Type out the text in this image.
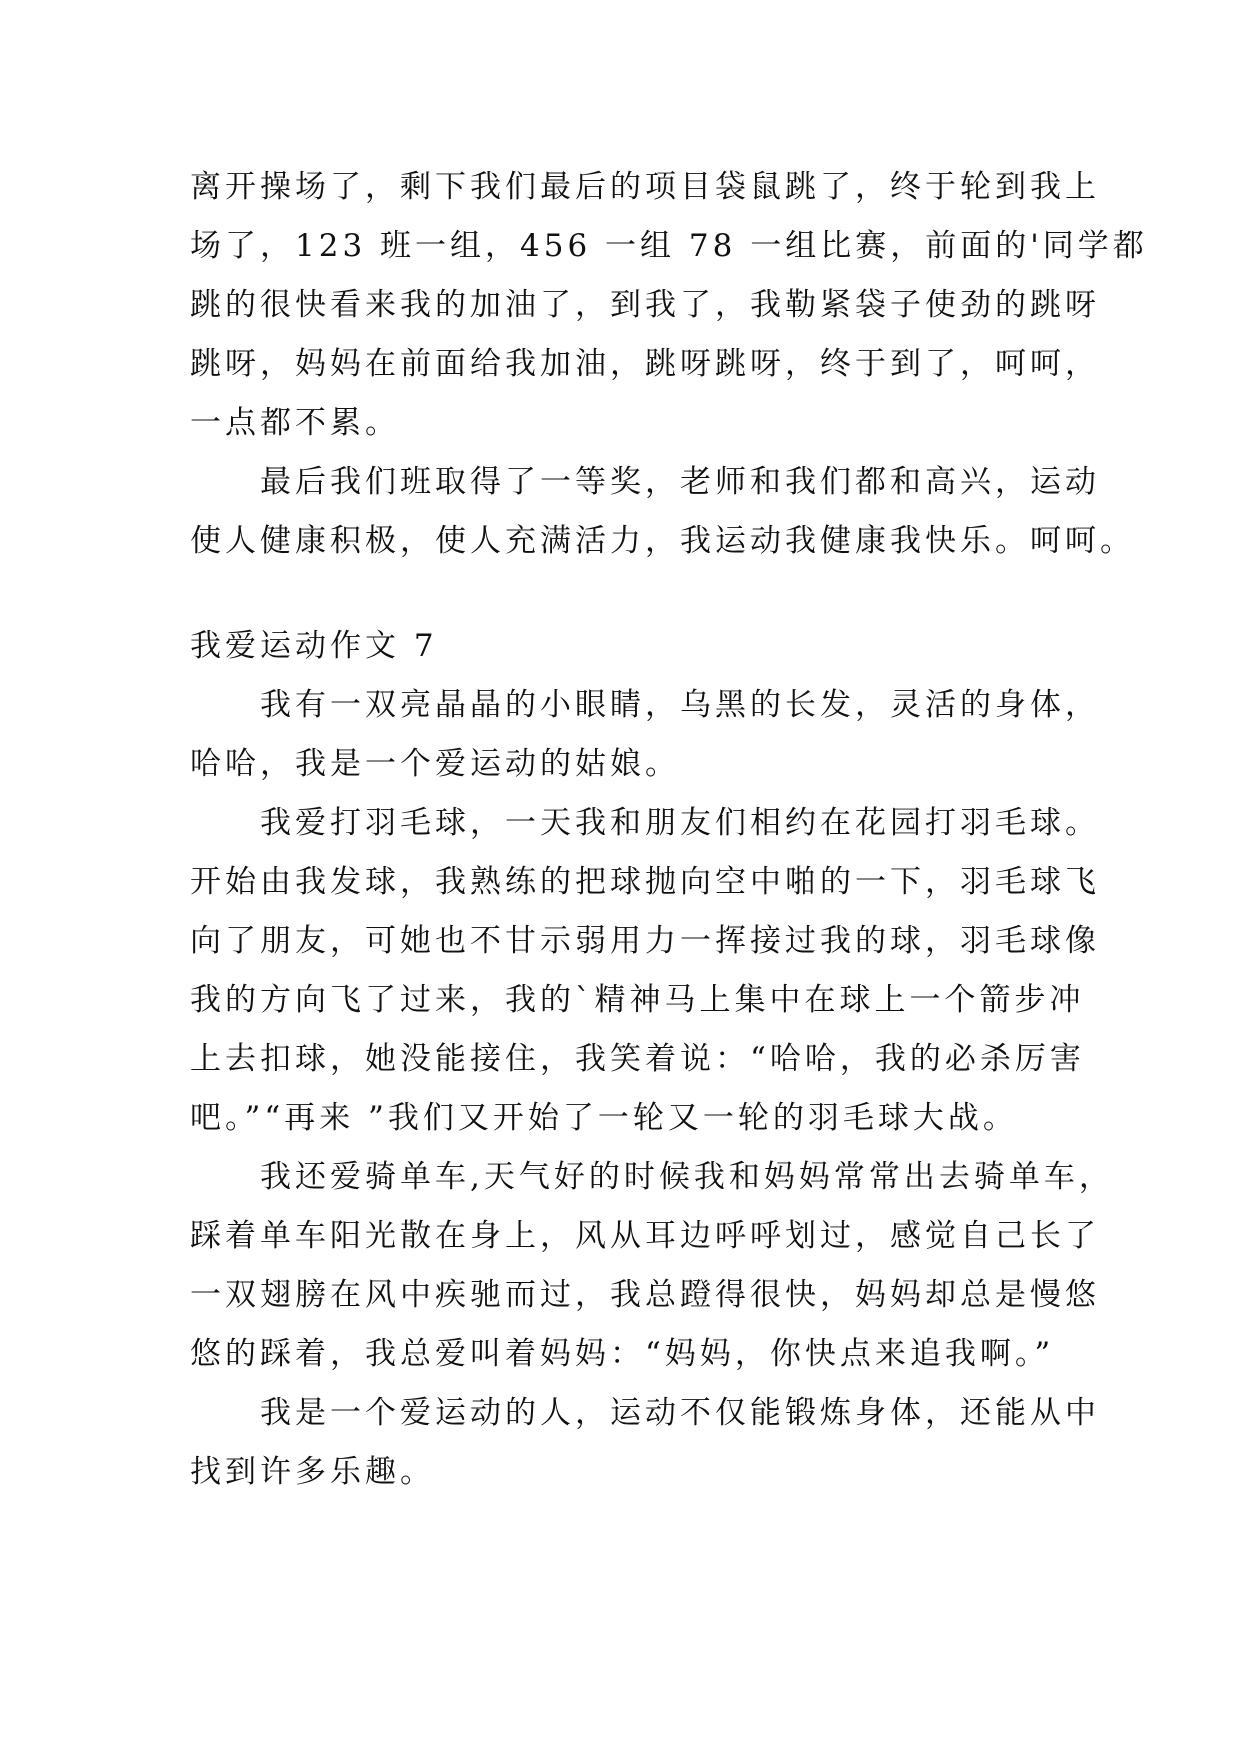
离开操场了，剩下我们最后的项目袋鼠跳了，终于轮到我上
场了，123 班一组，456 一组 78 一组比赛，前面的'同学都
跳的很快看来我的加油了，到我了，我勒紧袋子使劲的跳呀
跳呀，妈妈在前面给我加油，跳呀跳呀，终于到了，呵呵，
一点都不累。
　　最后我们班取得了一等奖，老师和我们都和高兴，运动
使人健康积极，使人充满活力，我运动我健康我快乐。呵呵。
我爱运动作文 7
　　我有一双亮晶晶的小眼睛，乌黑的长发，灵活的身体，
哈哈，我是一个爱运动的姑娘。
　　我爱打羽毛球，一天我和朋友们相约在花园打羽毛球。
开始由我发球，我熟练的把球抛向空中啪的一下，羽毛球飞
向了朋友，可她也不甘示弱用力一挥接过我的球，羽毛球像
我的方向飞了过来，我的`精神马上集中在球上一个箭步冲
上去扣球，她没能接住，我笑着说：“哈哈，我的必杀厉害
吧。”“再来 ”我们又开始了一轮又一轮的羽毛球大战。
　　我还爱骑单车,天气好的时候我和妈妈常常出去骑单车，
踩着单车阳光散在身上，风从耳边呼呼划过，感觉自己长了
一双翅膀在风中疾驰而过，我总蹬得很快，妈妈却总是慢悠
悠的踩着，我总爱叫着妈妈：“妈妈，你快点来追我啊。”
　　我是一个爱运动的人，运动不仅能锻炼身体，还能从中
找到许多乐趣。
